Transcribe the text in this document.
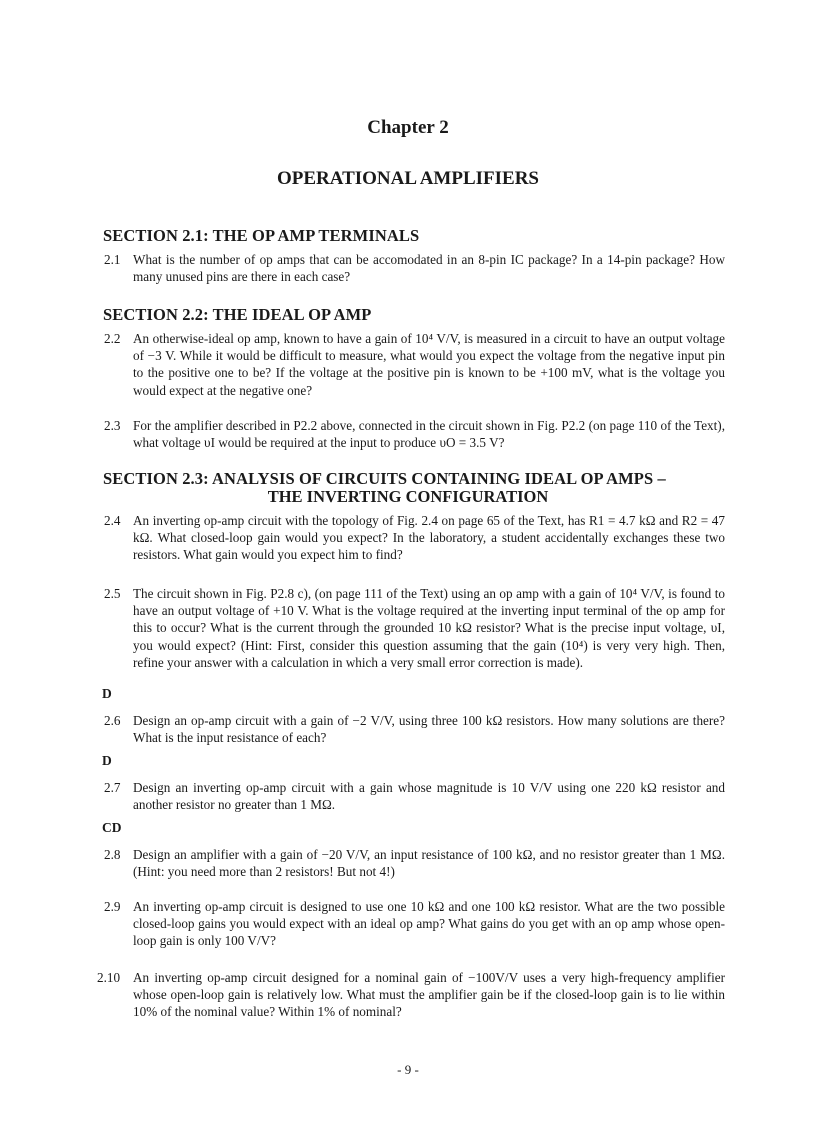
Chapter 2
OPERATIONAL AMPLIFIERS
SECTION 2.1: THE OP AMP TERMINALS
2.1 What is the number of op amps that can be accomodated in an 8-pin IC package? In a 14-pin package? How many unused pins are there in each case?
SECTION 2.2: THE IDEAL OP AMP
2.2 An otherwise-ideal op amp, known to have a gain of 10⁴ V/V, is measured in a circuit to have an output voltage of −3 V. While it would be difficult to measure, what would you expect the voltage from the negative input pin to the positive one to be? If the voltage at the positive pin is known to be +100 mV, what is the voltage you would expect at the negative one?
2.3 For the amplifier described in P2.2 above, connected in the circuit shown in Fig. P2.2 (on page 110 of the Text), what voltage υI would be required at the input to produce υO = 3.5 V?
SECTION 2.3: ANALYSIS OF CIRCUITS CONTAINING IDEAL OP AMPS –
THE INVERTING CONFIGURATION
2.4 An inverting op-amp circuit with the topology of Fig. 2.4 on page 65 of the Text, has R1 = 4.7 kΩ and R2 = 47 kΩ. What closed-loop gain would you expect? In the laboratory, a student accidentally exchanges these two resistors. What gain would you expect him to find?
2.5 The circuit shown in Fig. P2.8 c), (on page 111 of the Text) using an op amp with a gain of 10⁴ V/V, is found to have an output voltage of +10 V. What is the voltage required at the inverting input terminal of the op amp for this to occur? What is the current through the grounded 10 kΩ resistor? What is the precise input voltage, υI, you would expect? (Hint: First, consider this question assuming that the gain (10⁴) is very very high. Then, refine your answer with a calculation in which a very small error correction is made).
D
2.6 Design an op-amp circuit with a gain of −2 V/V, using three 100 kΩ resistors. How many solutions are there? What is the input resistance of each?
D
2.7 Design an inverting op-amp circuit with a gain whose magnitude is 10 V/V using one 220 kΩ resistor and another resistor no greater than 1 MΩ.
CD
2.8 Design an amplifier with a gain of −20 V/V, an input resistance of 100 kΩ, and no resistor greater than 1 MΩ. (Hint: you need more than 2 resistors! But not 4!)
2.9 An inverting op-amp circuit is designed to use one 10 kΩ and one 100 kΩ resistor. What are the two possible closed-loop gains you would expect with an ideal op amp? What gains do you get with an op amp whose open-loop gain is only 100 V/V?
2.10 An inverting op-amp circuit designed for a nominal gain of −100V/V uses a very high-frequency amplifier whose open-loop gain is relatively low. What must the amplifier gain be if the closed-loop gain is to lie within 10% of the nominal value? Within 1% of nominal?
- 9 -
